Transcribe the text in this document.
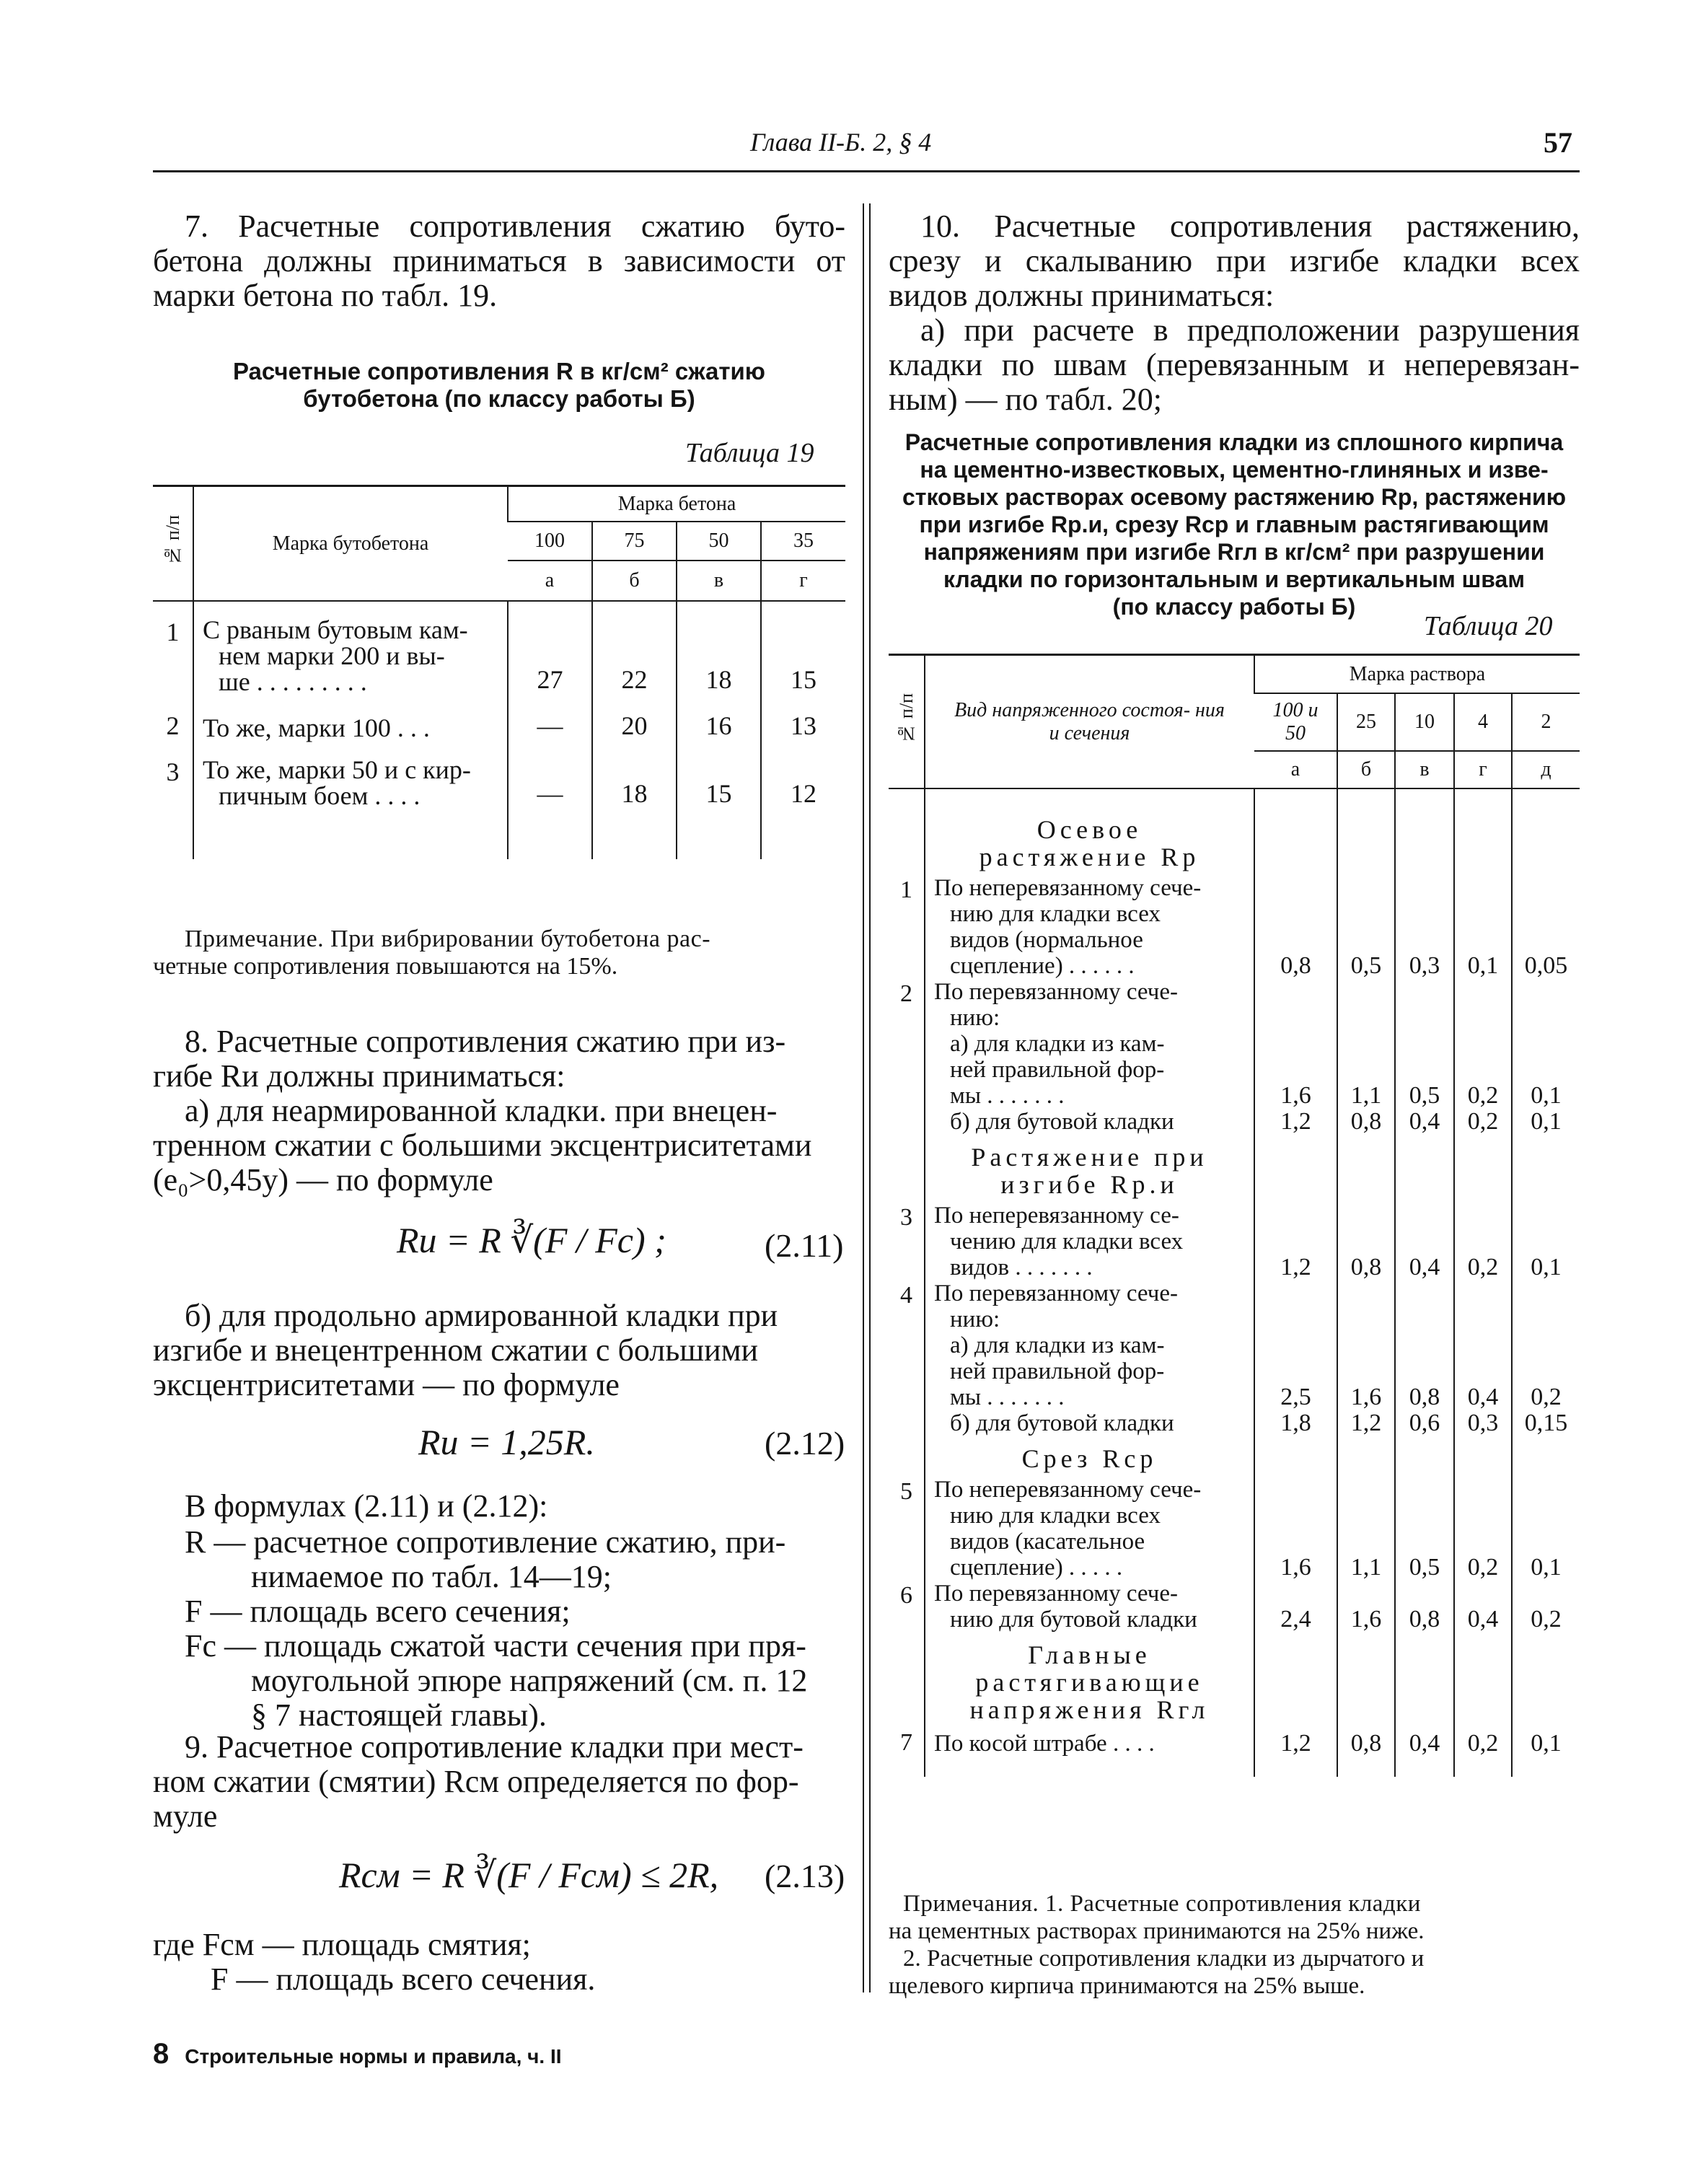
Глава II-Б. 2, § 4	57
7. Расчетные сопротивления сжатию буто-
бетона должны приниматься в зависимости от
марки бетона по табл. 19.
Расчетные сопротивления R в кг/см² сжатию
бутобетона (по классу работы Б)
Таблица 19
№ п/п	Марка бутобетона	Марка бетона			
		100	75	50	35
		а	б	в	г

1	С рваным бутовым кам-
нем марки 200 и вы-
ше . . . . . . . . .	27	22	18	15
2	То же, марки 100 . . .	—	20	16	13
3	То же, марки 50 и с кир-
пичным боем . . . .	—	18	15	12

Примечание. При вибрировании бутобетона рас-
четные сопротивления повышаются на 15%.
8. Расчетные сопротивления сжатию при из-
гибе Rи должны приниматься:
а) для неармированной кладки. при внецен-
тренном сжатии с большими эксцентриситетами
(e₀>0,45y) — по формуле
Rи = R ∛(F / Fс) ;	(2.11)
б) для продольно армированной кладки при
изгибе и внецентренном сжатии с большими
эксцентриситетами — по формуле
Rи = 1,25R.	(2.12)
В формулах (2.11) и (2.12):
R — расчетное сопротивление сжатию, при-
нимаемое по табл. 14—19;
F — площадь всего сечения;
Fс — площадь сжатой части сечения при пря-
моугольной эпюре напряжений (см. п. 12
§ 7 настоящей главы).
9. Расчетное сопротивление кладки при мест-
ном сжатии (смятии) Rсм определяется по фор-
муле
Rсм = R ∛(F / Fсм) ≤ 2R, (2.13)
где Fсм — площадь смятия;
F — площадь всего сечения.
8 Строительные нормы и правила, ч. II
10. Расчетные сопротивления растяжению,
срезу и скалыванию при изгибе кладки всех
видов должны приниматься:
а) при расчете в предположении разрушения
кладки по швам (перевязанным и неперевязан-
ным) — по табл. 20;
Расчетные сопротивления кладки из сплошного кирпича
на цементно-известковых, цементно-глиняных и изве-
стковых растворах осевому растяжению Rр, растяжению
при изгибе Rр.и, срезу Rср и главным растягивающим
напряжениям при изгибе Rгл в кг/см² при разрушении
кладки по горизонтальным и вертикальным швам
(по классу работы Б)
Таблица 20
№ п/п	Вид напряженного состоя- ния и сечения	Марка раствора				
		100 и 50	25	10	4	2
		а	б	в	г	д

	Осевое
растяжение Rр					

1	По неперевязанному сече-
нию для кладки всех
видов (нормальное
сцепление) . . . . . .	0,8	0,5	0,3	0,1	0,05
2	По перевязанному сече-
нию:
а) для кладки из кам-
ней правильной фор-
мы . . . . . . .	1,6	1,1	0,5	0,2	0,1

	б) для бутовой кладки	1,2	0,8	0,4	0,2	0,1

	Растяжение при
изгибе Rр.и					

3	По неперевязанному се-
чению для кладки всех
видов . . . . . . .	1,2	0,8	0,4	0,2	0,1
4	По перевязанному сече-
нию:
а) для кладки из кам-
ней правильной фор-
мы . . . . . . .	2,5	1,6	0,8	0,4	0,2

	б) для бутовой кладки	1,8	1,2	0,6	0,3	0,15

	Срез Rср					

5	По неперевязанному сече-
нию для кладки всех
видов (касательное
сцепление) . . . . .	1,6	1,1	0,5	0,2	0,1
6	По перевязанному сече-
нию для бутовой кладки	2,4	1,6	0,8	0,4	0,2

	Главные
растягивающие
напряжения Rгл					

7	По косой штрабе . . . .	1,2	0,8	0,4	0,2	0,1

Примечания. 1. Расчетные сопротивления кладки
на цементных растворах принимаются на 25% ниже.
2. Расчетные сопротивления кладки из дырчатого и
щелевого кирпича принимаются на 25% выше.
